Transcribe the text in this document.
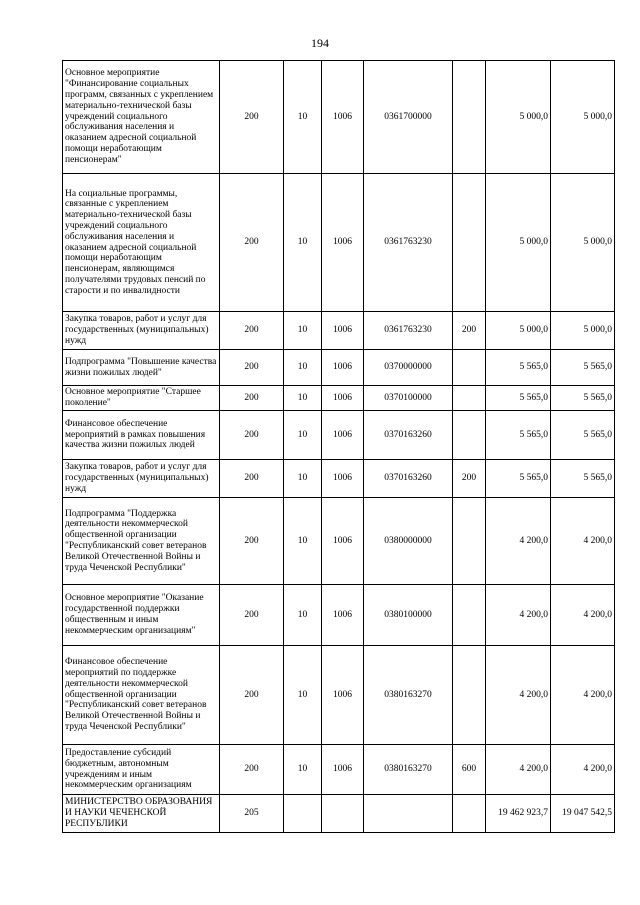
194
Основное мероприятие "Финансирование социальных программ, связанных с укреплением материально-технической базы учреждений социального обслуживания населения и оказанием адресной социальной помощи неработающим пенсионерам"	200	10	1006	0361700000		5 000,0	5 000,0
На социальные программы, связанные с укреплением материально-технической базы учреждений социального обслуживания населения и оказанием адресной социальной помощи неработающим пенсионерам, являющимся получателями трудовых пенсий по старости и по инвалидности	200	10	1006	0361763230		5 000,0	5 000,0
Закупка товаров, работ и услуг для государственных (муниципальных) нужд	200	10	1006	0361763230	200	5 000,0	5 000,0
Подпрограмма "Повышение качества жизни пожилых людей"	200	10	1006	0370000000		5 565,0	5 565,0
Основное мероприятие "Старшее поколение"	200	10	1006	0370100000		5 565,0	5 565,0
Финансовое обеспечение мероприятий в рамках повышения качества жизни пожилых людей	200	10	1006	0370163260		5 565,0	5 565,0
Закупка товаров, работ и услуг для государственных (муниципальных) нужд	200	10	1006	0370163260	200	5 565,0	5 565,0
Подпрограмма "Поддержка деятельности некоммерческой общественной организации "Республиканский совет ветеранов Великой Отечественной Войны и труда Чеченской Республики"	200	10	1006	0380000000		4 200,0	4 200,0
Основное мероприятие "Оказание государственной поддержки общественным и иным некоммерческим организациям"	200	10	1006	0380100000		4 200,0	4 200,0
Финансовое обеспечение мероприятий по поддержке деятельности некоммерческой общественной организации "Республиканский совет ветеранов Великой Отечественной Войны и труда Чеченской Республики"	200	10	1006	0380163270		4 200,0	4 200,0
Предоставление субсидий бюджетным, автономным учреждениям и иным некоммерческим организациям	200	10	1006	0380163270	600	4 200,0	4 200,0
МИНИСТЕРСТВО ОБРАЗОВАНИЯ И НАУКИ ЧЕЧЕНСКОЙ РЕСПУБЛИКИ	205					19 462 923,7	19 047 542,5
